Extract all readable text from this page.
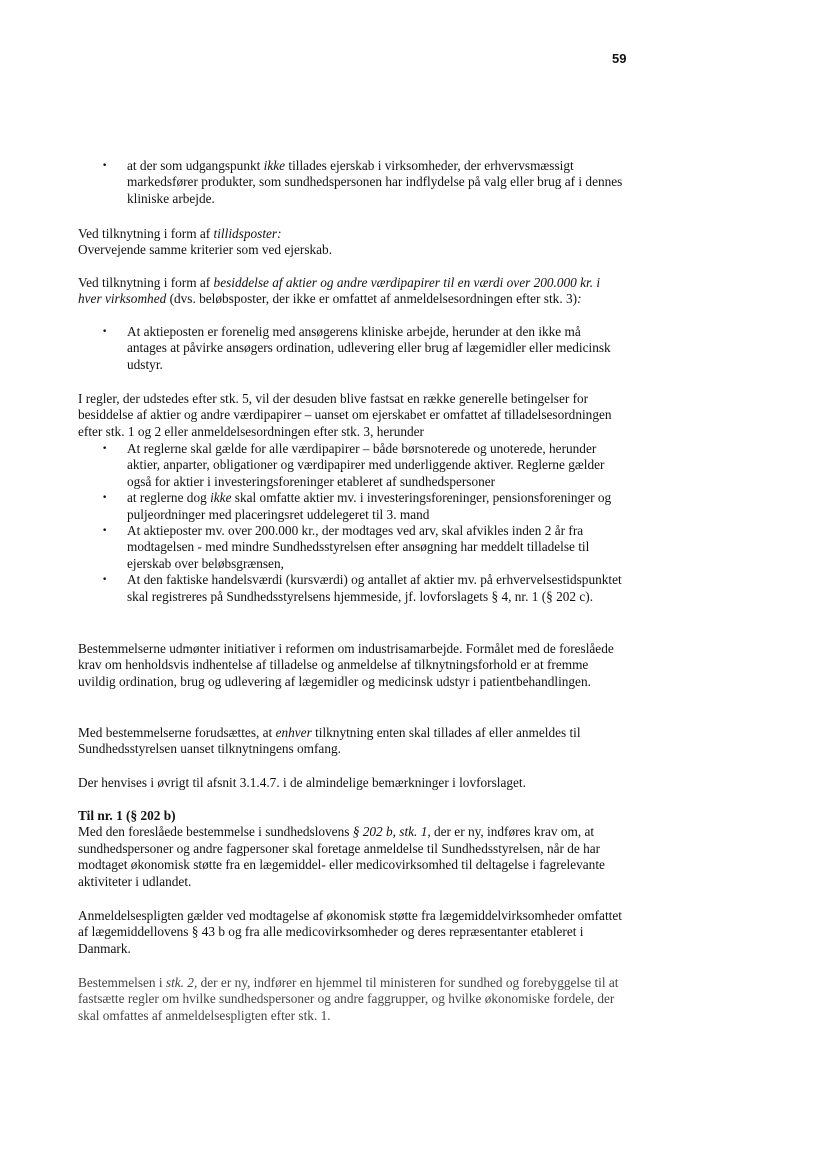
59
• at der som udgangspunkt ikke tillades ejerskab i virksomheder, der erhvervsmæssigt markedsfører produkter, som sundhedspersonen har indflydelse på valg eller brug af i dennes kliniske arbejde.

Ved tilknytning i form af tillidsposter:

Overvejende samme kriterier som ved ejerskab.

Ved tilknytning i form af besiddelse af aktier og andre værdipapirer til en værdi over 200.000 kr. i hver virksomhed (dvs. beløbsposter, der ikke er omfattet af anmeldelsesordningen efter stk. 3):

• At aktieposten er forenelig med ansøgerens kliniske arbejde, herunder at den ikke må antages at påvirke ansøgers ordination, udlevering eller brug af lægemidler eller medicinsk udstyr.

I regler, der udstedes efter stk. 5, vil der desuden blive fastsat en række generelle betingelser for besiddelse af aktier og andre værdipapirer – uanset om ejerskabet er omfattet af tilladelsesordningen efter stk. 1 og 2 eller anmeldelsesordningen efter stk. 3, herunder

• At reglerne skal gælde for alle værdipapirer – både børsnoterede og unoterede, herunder aktier, anparter, obligationer og værdipapirer med underliggende aktiver. Reglerne gælder også for aktier i investeringsforeninger etableret af sundhedspersoner
• at reglerne dog ikke skal omfatte aktier mv. i investeringsforeninger, pensionsforeninger og puljeordninger med placeringsret uddelegeret til 3. mand
• At aktieposter mv. over 200.000 kr., der modtages ved arv, skal afvikles inden 2 år fra modtagelsen - med mindre Sundhedsstyrelsen efter ansøgning har meddelt tilladelse til ejerskab over beløbsgrænsen,
• At den faktiske handelsværdi (kursværdi) og antallet af aktier mv. på erhvervelsestidspunktet skal registreres på Sundhedsstyrelsens hjemmeside, jf. lovforslagets § 4, nr. 1 (§ 202 c).

Bestemmelserne udmønter initiativer i reformen om industrisamarbejde. Formålet med de foreslåede krav om henholdsvis indhentelse af tilladelse og anmeldelse af tilknytningsforhold er at fremme uvildig ordination, brug og udlevering af lægemidler og medicinsk udstyr i patientbehandlingen.

Med bestemmelserne forudsættes, at enhver tilknytning enten skal tillades af eller anmeldes til Sundhedsstyrelsen uanset tilknytningens omfang.

Der henvises i øvrigt til afsnit 3.1.4.7. i de almindelige bemærkninger i lovforslaget.

Til nr. 1 (§ 202 b)

Med den foreslåede bestemmelse i sundhedslovens § 202 b, stk. 1, der er ny, indføres krav om, at sundhedspersoner og andre fagpersoner skal foretage anmeldelse til Sundhedsstyrelsen, når de har modtaget økonomisk støtte fra en lægemiddel- eller medicovirksomhed til deltagelse i fagrelevante aktiviteter i udlandet.

Anmeldelsespligten gælder ved modtagelse af økonomisk støtte fra lægemiddelvirksomheder omfattet af lægemiddellovens § 43 b og fra alle medicovirksomheder og deres repræsentanter etableret i Danmark.

Bestemmelsen i stk. 2, der er ny, indfører en hjemmel til ministeren for sundhed og forebyggelse til at fastsætte regler om hvilke sundhedspersoner og andre faggrupper, og hvilke økonomiske fordele, der skal omfattes af anmeldelsespligten efter stk. 1.
